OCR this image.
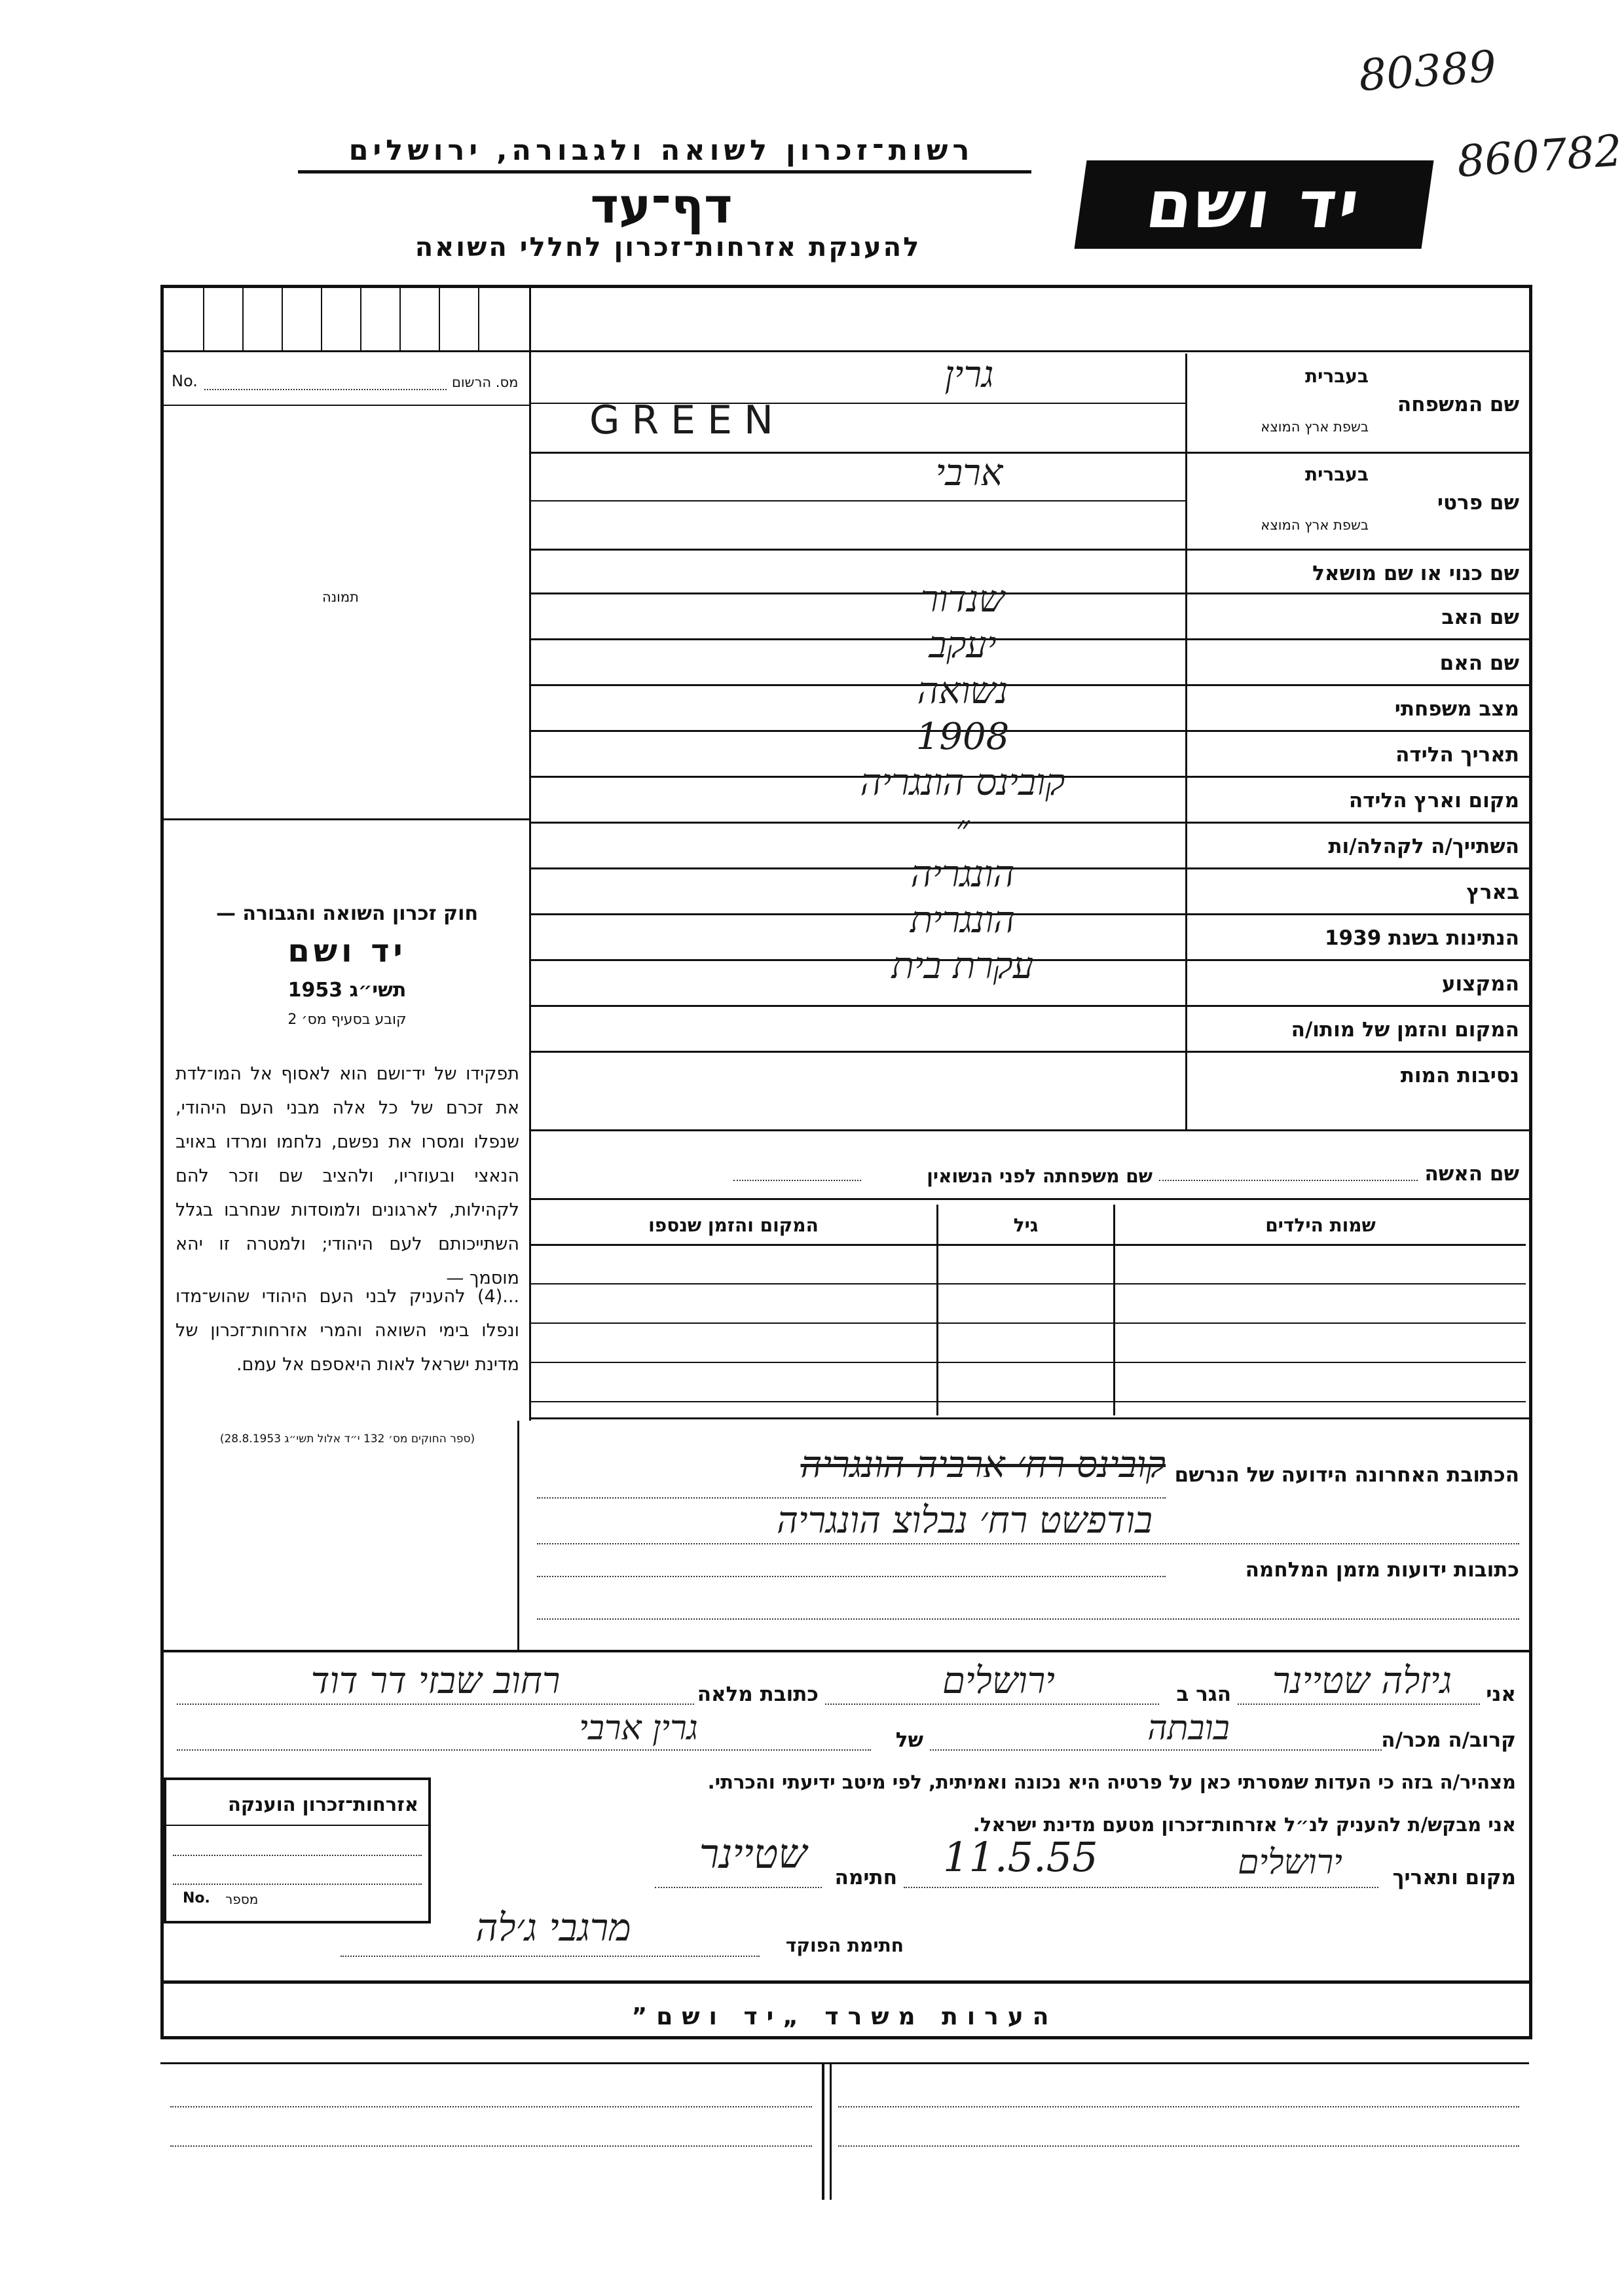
80389
860782
רשות־זכרון לשואה ולגבורה, ירושלים
דף־עד
להענקת אזרחות־זכרון לחללי השואה
יד ושם
מס. הרשום
No.
תמונה
חוק זכרון השואה והגבורה —
יד ושם
תשי״ג 1953
קובע בסעיף מס׳ 2
תפקידו של יד־ושם הוא לאסוף אל המו־לדת את זכרם של כל אלה מבני העם היהודי, שנפלו ומסרו את נפשם, נלחמו ומרדו באויב הנאצי ובעוזריו, ולהציב שם וזכר להם לקהילות, לארגונים ולמוסדות שנחרבו בגלל השתייכותם לעם היהודי; ולמטרה זו יהא מוסמך —
...(4) להעניק לבני העם היהודי שהוש־מדו ונפלו בימי השואה והמרי אזרחות־זכרון של מדינת ישראל לאות היאספם אל עמם.
(ספר החוקים מס׳ 132 י״ד אלול תשי״ג 28.8.1953)
שם המשפחה
בעברית
בשפת ארץ המוצא
גרין
GREEN
שם פרטי
בעברית
בשפת ארץ המוצא
ארבי
שם כנוי או שם מושאל
שם האב
שנדור
שם האם
יעקב
מצב משפחתי
נשואה
תאריך הלידה
1908
מקום וארץ הלידה
קובינס הונגריה
השתייך/ה לקהלה/ות
״
בארץ
הונגריה
הנתינות בשנת 1939
הונגרית
המקצוע
עקרת בית
המקום והזמן של מותו/ה
נסיבות המות
שם האשה
שם משפחתה לפני הנשואין
המקום והזמן שנספו	גיל	שמות הילדים
הכתובת האחרונה הידועה של הנרשם
קובינס רח׳ ארביה הונגריה
בודפשט רח׳ נבלוצ הונגריה
כתובות ידועות מזמן המלחמה
אני
גיזלה שטיינר
הגר ב
ירושלים
כתובת מלאה
רחוב שבזי דר דוד
קרוב/ה מכר/ה
בובתה
של
גרין ארבי
מצהיר/ה בזה כי העדות שמסרתי כאן על פרטיה היא נכונה ואמיתית, לפי מיטב ידיעתי והכרתי.
אני מבקש/ת להעניק לנ״ל אזרחות־זכרון מטעם מדינת ישראל.
מקום ותאריך
ירושלים
11.5.55
חתימה
שטיינר
אזרחות־זכרון הוענקה
No. מספר
חתימת הפוקד
מרגבי ג׳לה
הערות משרד „יד ושם”
